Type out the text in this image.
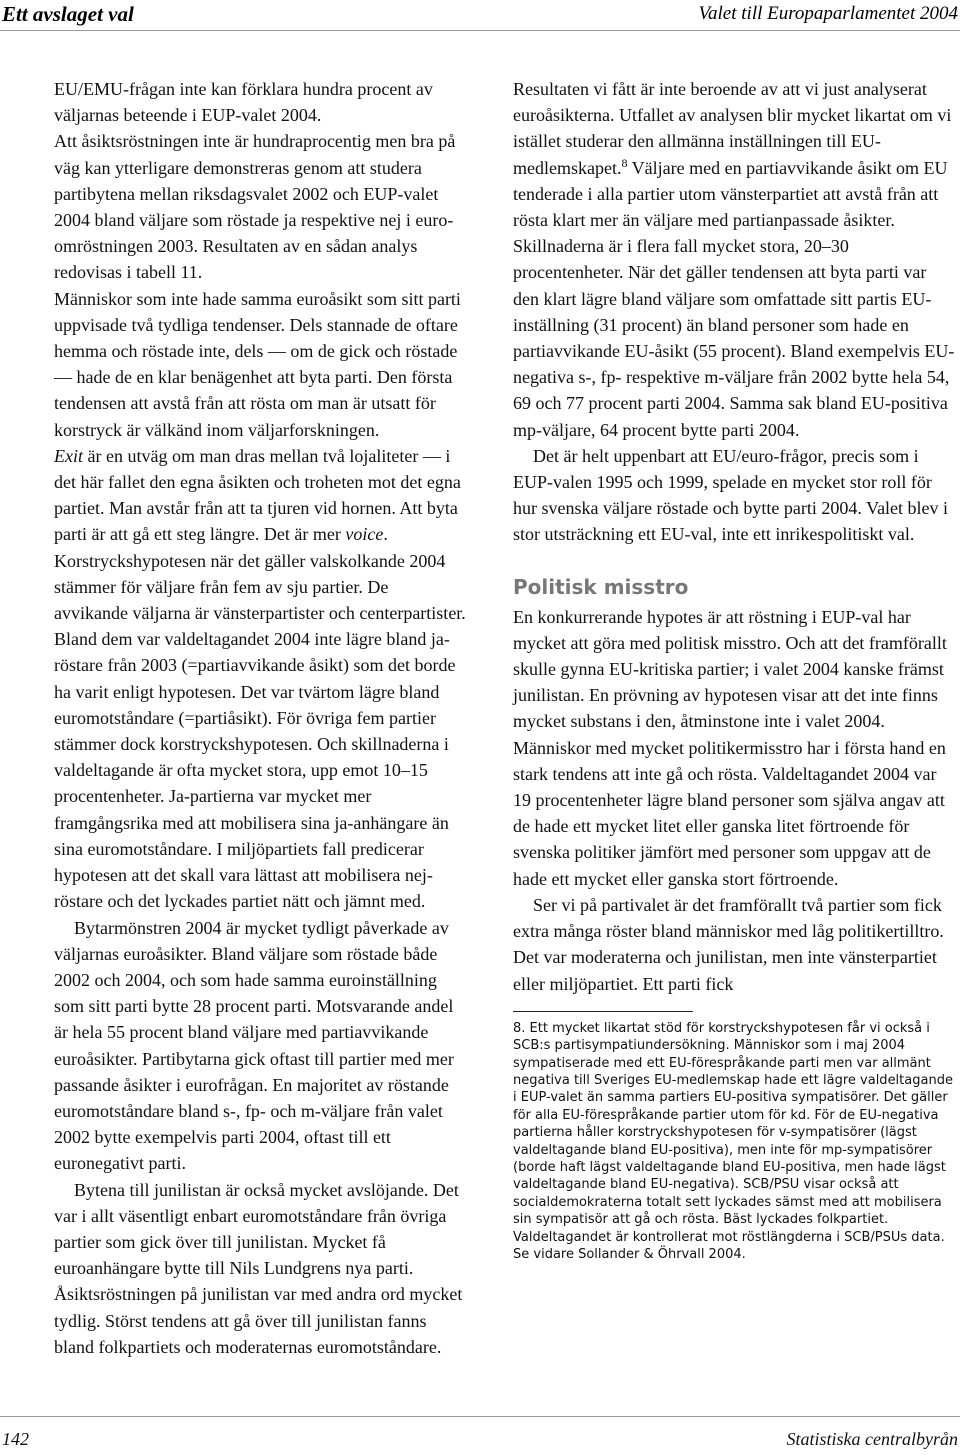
Ett avslaget val	Valet till Europaparlamentet 2004

EU/EMU-frågan inte kan förklara hundra procent av väljarnas beteende i EUP-valet 2004.

Att åsiktsröstningen inte är hundraprocentig men bra på väg kan ytterligare demonstreras genom att studera partibytena mellan riksdagsvalet 2002 och EUP-valet 2004 bland väljare som röstade ja respektive nej i euro-omröstningen 2003. Resultaten av en sådan analys redovisas i tabell 11.

Människor som inte hade samma euroåsikt som sitt parti uppvisade två tydliga tendenser. Dels stannade de oftare hemma och röstade inte, dels — om de gick och röstade — hade de en klar benägenhet att byta parti. Den första tendensen att avstå från att rösta om man är utsatt för korstryck är välkänd inom väljarforskningen.

Exit är en utväg om man dras mellan två lojaliteter — i det här fallet den egna åsikten och troheten mot det egna partiet. Man avstår från att ta tjuren vid hornen. Att byta parti är att gå ett steg längre. Det är mer voice.

Korstryckshypotesen när det gäller valskolkande 2004 stämmer för väljare från fem av sju partier. De avvikande väljarna är vänsterpartister och centerpartister. Bland dem var valdeltagandet 2004 inte lägre bland ja-röstare från 2003 (=partiavvikande åsikt) som det borde ha varit enligt hypotesen. Det var tvärtom lägre bland euromotståndare (=partiåsikt). För övriga fem partier stämmer dock korstryckshypotesen. Och skillnaderna i valdeltagande är ofta mycket stora, upp emot 10–15 procentenheter. Ja-partierna var mycket mer framgångsrika med att mobilisera sina ja-anhängare än sina euromotståndare. I miljöpartiets fall predicerar hypotesen att det skall vara lättast att mobilisera nej-röstare och det lyckades partiet nätt och jämnt med.

Bytarmönstren 2004 är mycket tydligt påverkade av väljarnas euroåsikter. Bland väljare som röstade både 2002 och 2004, och som hade samma euroinställning som sitt parti bytte 28 procent parti. Motsvarande andel är hela 55 procent bland väljare med partiavvikande euroåsikter. Partibytarna gick oftast till partier med mer passande åsikter i eurofrågan. En majoritet av röstande euromotståndare bland s-, fp- och m-väljare från valet 2002 bytte exempelvis parti 2004, oftast till ett euronegativt parti.

Bytena till junilistan är också mycket avslöjande. Det var i allt väsentligt enbart euromotståndare från övriga partier som gick över till junilistan. Mycket få euroanhängare bytte till Nils Lundgrens nya parti. Åsiktsröstningen på junilistan var med andra ord mycket tydlig. Störst tendens att gå över till junilistan fanns bland folkpartiets och moderaternas euromotståndare.

Resultaten vi fått är inte beroende av att vi just analyserat euroåsikterna. Utfallet av analysen blir mycket likartat om vi istället studerar den allmänna inställningen till EU-medlemskapet.$^8$ Väljare med en partiavvikande åsikt om EU tenderade i alla partier utom vänsterpartiet att avstå från att rösta klart mer än väljare med partianpassade åsikter. Skillnaderna är i flera fall mycket stora, 20–30 procentenheter. När det gäller tendensen att byta parti var den klart lägre bland väljare som omfattade sitt partis EU-inställning (31 procent) än bland personer som hade en partiavvikande EU-åsikt (55 procent). Bland exempelvis EU-negativa s-, fp- respektive m-väljare från 2002 bytte hela 54, 69 och 77 procent parti 2004. Samma sak bland EU-positiva mp-väljare, 64 procent bytte parti 2004.

Det är helt uppenbart att EU/euro-frågor, precis som i EUP-valen 1995 och 1999, spelade en mycket stor roll för hur svenska väljare röstade och bytte parti 2004. Valet blev i stor utsträckning ett EU-val, inte ett inrikespolitiskt val.

Politisk misstro

En konkurrerande hypotes är att röstning i EUP-val har mycket att göra med politisk misstro. Och att det framförallt skulle gynna EU-kritiska partier; i valet 2004 kanske främst junilistan. En prövning av hypotesen visar att det inte finns mycket substans i den, åtminstone inte i valet 2004. Människor med mycket politikermisstro har i första hand en stark tendens att inte gå och rösta. Valdeltagandet 2004 var 19 procentenheter lägre bland personer som själva angav att de hade ett mycket litet eller ganska litet förtroende för svenska politiker jämfört med personer som uppgav att de hade ett mycket eller ganska stort förtroende.

Ser vi på partivalet är det framförallt två partier som fick extra många röster bland människor med låg politikertilltro. Det var moderaterna och junilistan, men inte vänsterpartiet eller miljöpartiet. Ett parti fick

8. Ett mycket likartat stöd för korstryckshypotesen får vi också i SCB:s partisympatiundersökning. Människor som i maj 2004 sympatiserade med ett EU-förespråkande parti men var allmänt negativa till Sveriges EU-medlemskap hade ett lägre valdeltagande i EUP-valet än samma partiers EU-positiva sympatisörer. Det gäller för alla EU-förespråkande partier utom för kd. För de EU-negativa partierna håller korstryckshypotesen för v-sympatisörer (lägst valdeltagande bland EU-positiva), men inte för mp-sympatisörer (borde haft lägst valdeltagande bland EU-positiva, men hade lägst valdeltagande bland EU-negativa). SCB/PSU visar också att socialdemokraterna totalt sett lyckades sämst med att mobilisera sin sympatisör att gå och rösta. Bäst lyckades folkpartiet. Valdeltagandet är kontrollerat mot röstlängderna i SCB/PSUs data. Se vidare Sollander & Öhrvall 2004.
142	Statistiska centralbyrån
